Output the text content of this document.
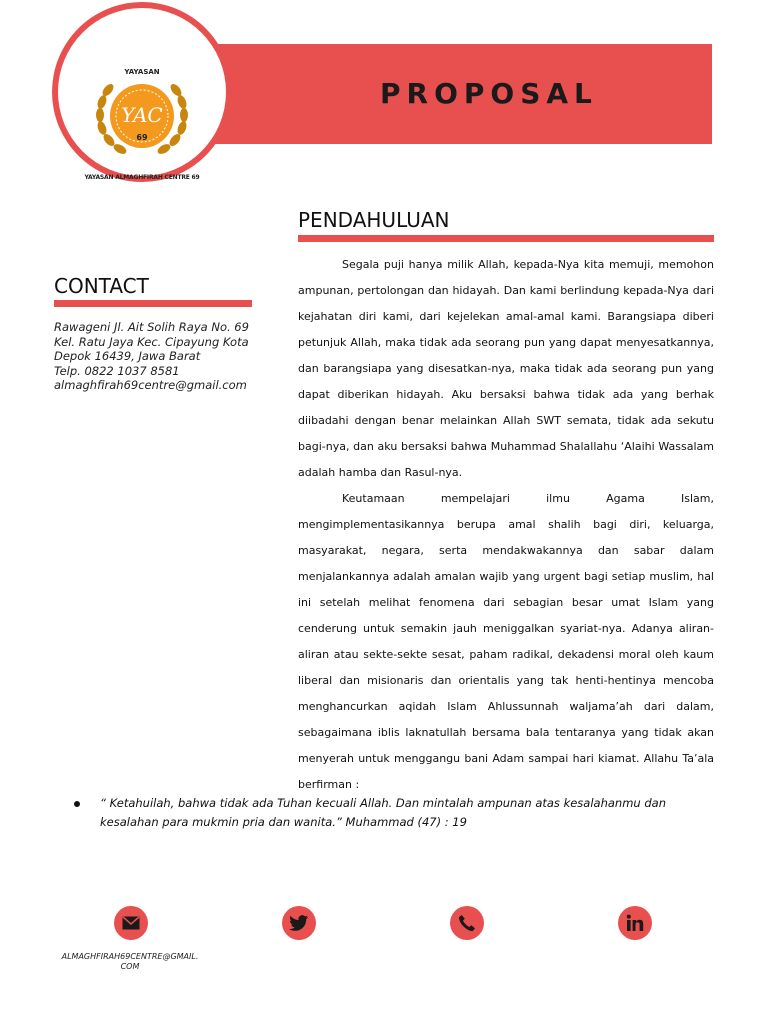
YAYASAN
YAC
69
YAYASAN ALMAGHFIRAH CENTRE 69
CONTACT
Rawageni Jl. Ait Solih Raya No. 69
Kel. Ratu Jaya Kec. Cipayung Kota
Depok 16439, Jawa Barat
Telp. 0822 1037 8581
almaghfirah69centre@gmail.com
PENDAHULUAN

Segala puji hanya milik Allah, kepada-Nya kita memuji, memohon ampunan, pertolongan dan hidayah. Dan kami berlindung kepada-Nya dari kejahatan diri kami, dari kejelekan amal-amal kami. Barangsiapa diberi petunjuk Allah, maka tidak ada seorang pun yang dapat menyesatkannya, dan barangsiapa yang disesatkan-nya, maka tidak ada seorang pun yang dapat diberikan hidayah. Aku bersaksi bahwa tidak ada yang berhak diibadahi dengan benar melainkan Allah SWT semata, tidak ada sekutu bagi-nya, dan aku bersaksi bahwa Muhammad Shalallahu ‘Alaihi Wassalam adalah hamba dan Rasul-nya.

Keutamaan mempelajari ilmu Agama Islam, mengimplementasikannya berupa amal shalih bagi diri, keluarga, masyarakat, negara, serta mendakwakannya dan sabar dalam menjalankannya adalah amalan wajib yang urgent bagi setiap muslim, hal ini setelah melihat fenomena dari sebagian besar umat Islam yang cenderung untuk semakin jauh meniggalkan syariat-nya. Adanya aliran-aliran atau sekte-sekte sesat, paham radikal, dekadensi moral oleh kaum liberal dan misionaris dan orientalis yang tak henti-hentinya mencoba menghancurkan aqidah Islam Ahlussunnah waljama’ah dari dalam, sebagaimana iblis laknatullah bersama bala tentaranya yang tidak akan menyerah untuk menggangu bani Adam sampai hari kiamat. Allahu Ta’ala berfirman :

“ Ketahuilah, bahwa tidak ada Tuhan kecuali Allah. Dan mintalah ampunan atas kesalahanmu dan kesalahan para mukmin pria dan wanita.” Muhammad (47) : 19
ALMAGHFIRAH69CENTRE@GMAIL.
COM
